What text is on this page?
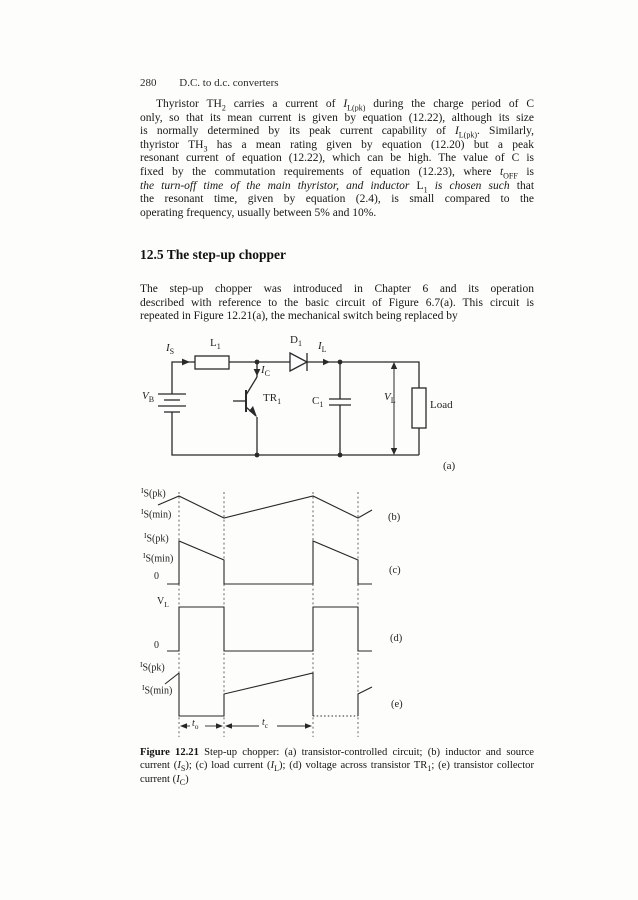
280 D.C. to d.c. converters
Thyristor $TH_2$ carries a current of $I_{L(pk)}$ during the charge period of C
only, so that its mean current is given by equation (12.22), although its size
is normally determined by its peak current capability of $I_{L(pk)}$. Similarly,
thyristor $TH_3$ has a mean rating given by equation (12.20) but a peak
resonant current of equation (12.22), which can be high. The value of C is
fixed by the commutation requirements of equation (12.23), where $t_{OFF}$ is
the turn-off time of the main thyristor, and inductor $L_1$ is chosen such that
the resonant time, given by equation (2.4), is small compared to the
operating frequency, usually between 5% and 10%.
12.5 The step-up chopper
The step-up chopper was introduced in Chapter 6 and its operation
described with reference to the basic circuit of Figure 6.7(a). This circuit is
repeated in Figure 12.21(a), the mechanical switch being replaced by
$I_S$
$L_1$
$I_C$
$TR_1$
$D_1$ $I_L$
$C_1$
$V_B$	$V_L$	Load
(a)
$^I$S(pk)
$^I$S(min)	(b)
$^I$S(pk)
$^I$S(min)
0
(c)
$V_L$
0
(d)
$^I$S(pk)
$^I$S(min)
(e)
$t_o$	$t_c$
Figure 12.21 Step-up chopper: (a) transistor-controlled circuit; (b) inductor and source
current $(I_S)$; (c) load current $(I_L)$; (d) voltage across transistor $TR_1$; (e) transistor collector
current $(I_C)$
